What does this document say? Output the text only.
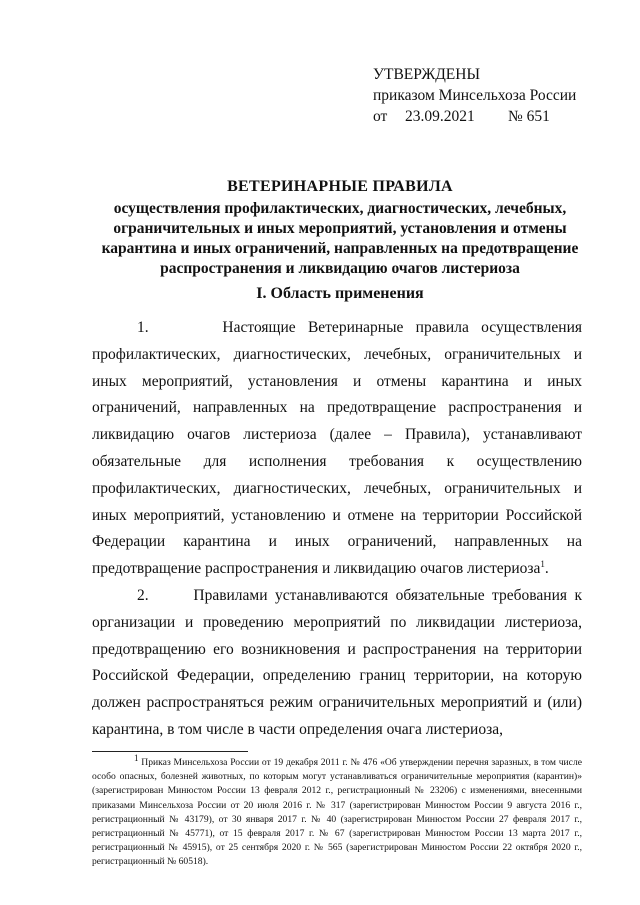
УТВЕРЖДЕНЫ
приказом Минсельхоза России
от 23.09.2021 № 651
ВЕТЕРИНАРНЫЕ ПРАВИЛА
осуществления профилактических, диагностических, лечебных,
ограничительных и иных мероприятий, установления и отмены
карантина и иных ограничений, направленных на предотвращение
распространения и ликвидацию очагов листериоза
I. Область применения

1.      Настоящие Ветеринарные правила осуществления профилактических, диагностических, лечебных, ограничительных и иных мероприятий, установления и отмены карантина и иных ограничений, направленных на предотвращение распространения и ликвидацию очагов листериоза (далее – Правила), устанавливают обязательные для исполнения требования к осуществлению профилактических, диагностических, лечебных, ограничительных и иных мероприятий, установлению и отмене на территории Российской Федерации карантина и иных ограничений, направленных на предотвращение распространения и ликвидацию очагов листериоза$^1$.

2.      Правилами устанавливаются обязательные требования к организации и проведению мероприятий по ликвидации листериоза, предотвращению его возникновения и распространения на территории Российской Федерации, определению границ территории, на которую должен распространяться режим ограничительных мероприятий и (или) карантина, в том числе в части определения очага листериоза,

$^1$ Приказ Минсельхоза России от 19 декабря 2011 г. № 476 «Об утверждении перечня заразных, в том числе особо опасных, болезней животных, по которым могут устанавливаться ограничительные мероприятия (карантин)» (зарегистрирован Минюстом России 13 февраля 2012 г., регистрационный № 23206) с изменениями, внесенными приказами Минсельхоза России от 20 июля 2016 г. № 317 (зарегистрирован Минюстом России 9 августа 2016 г., регистрационный № 43179), от 30 января 2017 г. № 40 (зарегистрирован Минюстом России 27 февраля 2017 г., регистрационный № 45771), от 15 февраля 2017 г. № 67 (зарегистрирован Минюстом России 13 марта 2017 г., регистрационный № 45915), от 25 сентября 2020 г. № 565 (зарегистрирован Минюстом России 22 октября 2020 г., регистрационный № 60518).
